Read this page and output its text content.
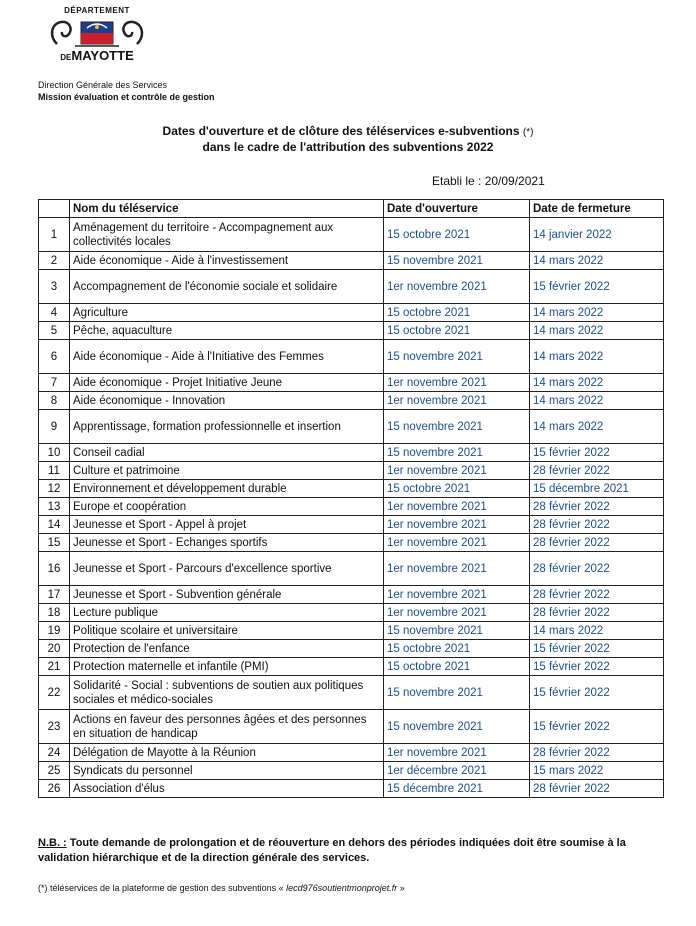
DÉPARTEMENT
DEMAYOTTE
Direction Générale des Services
Mission évaluation et contrôle de gestion
Dates d'ouverture et de clôture des téléservices e-subventions (*)
dans le cadre de l'attribution des subventions 2022
Etabli le : 20/09/2021
	Nom du téléservice	Date d'ouverture	Date de fermeture
1	Aménagement du territoire - Accompagnement aux collectivités locales	15 octobre 2021	14 janvier 2022
2	Aide économique - Aide à l'investissement	15 novembre 2021	14 mars 2022
3	Accompagnement de l'économie sociale et solidaire	1er novembre 2021	15 février 2022
4	Agriculture	15 octobre 2021	14 mars 2022
5	Pêche, aquaculture	15 octobre 2021	14 mars 2022
6	Aide économique - Aide à l'Initiative des Femmes	15 novembre 2021	14 mars 2022
7	Aide économique - Projet Initiative Jeune	1er novembre 2021	14 mars 2022
8	Aide économique - Innovation	1er novembre 2021	14 mars 2022
9	Apprentissage, formation professionnelle et insertion	15 novembre 2021	14 mars 2022
10	Conseil cadial	15 novembre 2021	15 février 2022
11	Culture et patrimoine	1er novembre 2021	28 février 2022
12	Environnement et développement durable	15 octobre 2021	15 décembre 2021
13	Europe et coopération	1er novembre 2021	28 février 2022
14	Jeunesse et Sport - Appel à projet	1er novembre 2021	28 février 2022
15	Jeunesse et Sport - Echanges sportifs	1er novembre 2021	28 février 2022
16	Jeunesse et Sport - Parcours d'excellence sportive	1er novembre 2021	28 février 2022
17	Jeunesse et Sport - Subvention générale	1er novembre 2021	28 février 2022
18	Lecture publique	1er novembre 2021	28 février 2022
19	Politique scolaire et universitaire	15 novembre 2021	14 mars 2022
20	Protection de l'enfance	15 octobre 2021	15 février 2022
21	Protection maternelle et infantile (PMI)	15 octobre 2021	15 février 2022
22	Solidarité - Social : subventions de soutien aux politiques sociales et médico-sociales	15 novembre 2021	15 février 2022
23	Actions en faveur des personnes âgées et des personnes en situation de handicap	15 novembre 2021	15 février 2022
24	Délégation de Mayotte à la Réunion	1er novembre 2021	28 février 2022
25	Syndicats du personnel	1er décembre 2021	15 mars 2022
26	Association d'élus	15 décembre 2021	28 février 2022
N.B. : Toute demande de prolongation et de réouverture en dehors des périodes indiquées doit être soumise à la validation hiérarchique et de la direction générale des services.
(*) téléservices de la plateforme de gestion des subventions « lecd976soutientmonprojet.fr »
